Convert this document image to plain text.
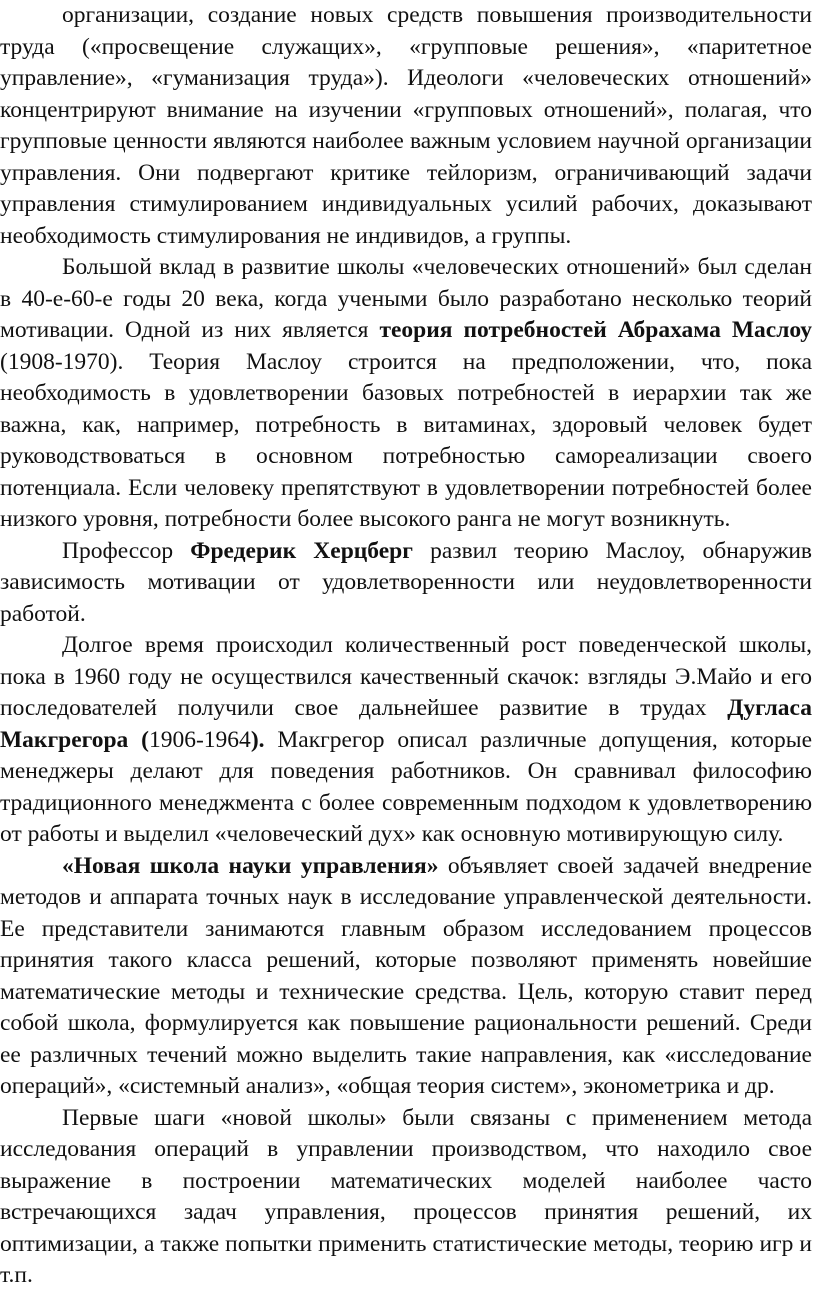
организации, создание новых средств повышения производительности труда («просвещение служащих», «групповые решения», «паритетное управление», «гуманизация труда»). Идеологи «человеческих отношений» концентрируют внимание на изучении «групповых отношений», полагая, что групповые ценности являются наиболее важным условием научной организации управления. Они подвергают критике тейлоризм, ограничивающий задачи управления стимулированием индивидуальных усилий рабочих, доказывают необходимость стимулирования не индивидов, а группы.

Большой вклад в развитие школы «человеческих отношений» был сделан в 40-е-60-е годы 20 века, когда учеными было разработано несколько теорий мотивации. Одной из них является теория потребностей Абрахама Маслоу (1908-1970). Теория Маслоу строится на предположении, что, пока необходимость в удовлетворении базовых потребностей в иерархии так же важна, как, например, потребность в витаминах, здоровый человек будет руководствоваться в основном потребностью самореализации своего потенциала. Если человеку препятствуют в удовлетворении потребностей более низкого уровня, потребности более высокого ранга не могут возникнуть.

Профессор Фредерик Херцберг развил теорию Маслоу, обнаружив зависимость мотивации от удовлетворенности или неудовлетворенности работой.

Долгое время происходил количественный рост поведенческой школы, пока в 1960 году не осуществился качественный скачок: взгляды Э.Майо и его последователей получили свое дальнейшее развитие в трудах Дугласа Макгрегора (1906-1964). Макгрегор описал различные допущения, которые менеджеры делают для поведения работников. Он сравнивал философию традиционного менеджмента с более современным подходом к удовлетворению от работы и выделил «человеческий дух» как основную мотивирующую силу.

«Новая школа науки управления» объявляет своей задачей внедрение методов и аппарата точных наук в исследование управленческой деятельности. Ее представители занимаются главным образом исследованием процессов принятия такого класса решений, которые позволяют применять новейшие математические методы и технические средства. Цель, которую ставит перед собой школа, формулируется как повышение рациональности решений. Среди ее различных течений можно выделить такие направления, как «исследование операций», «системный анализ», «общая теория систем», эконометрика и др.

Первые шаги «новой школы» были связаны с применением метода исследования операций в управлении производством, что находило свое выражение в построении математических моделей наиболее часто встречающихся задач управления, процессов принятия решений, их оптимизации, а также попытки применить статистические методы, теорию игр и т.п.
